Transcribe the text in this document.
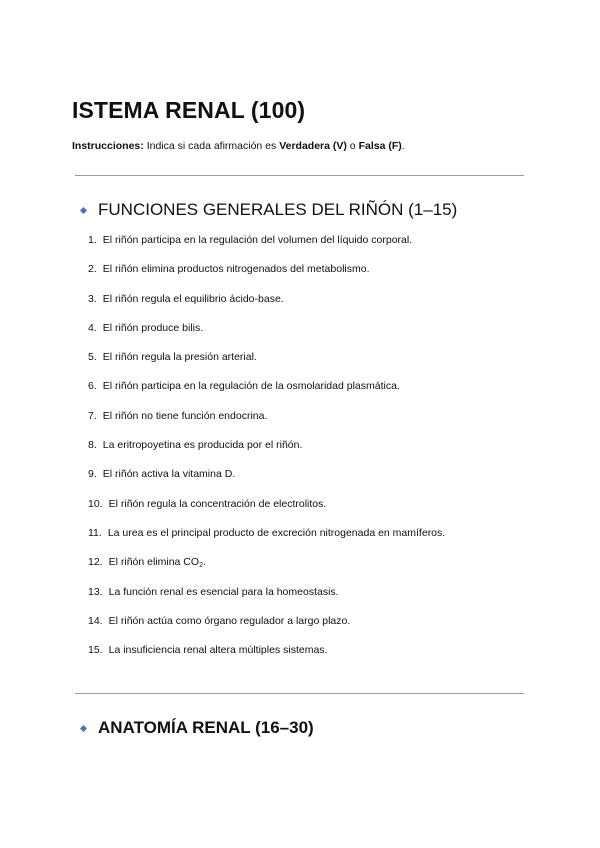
ISTEMA RENAL (100)

Instrucciones: Indica si cada afirmación es Verdadera (V) o Falsa (F).

FUNCIONES GENERALES DEL RIÑÓN (1–15)
1. El riñón participa en la regulación del volumen del líquido corporal.
2. El riñón elimina productos nitrogenados del metabolismo.
3. El riñón regula el equilibrio ácido-base.
4. El riñón produce bilis.
5. El riñón regula la presión arterial.
6. El riñón participa en la regulación de la osmolaridad plasmática.
7. El riñón no tiene función endocrina.
8. La eritropoyetina es producida por el riñón.
9. El riñón activa la vitamina D.
10. El riñón regula la concentración de electrolitos.
11. La urea es el principal producto de excreción nitrogenada en mamíferos.
12. El riñón elimina $CO_2$.
13. La función renal es esencial para la homeostasis.
14. El riñón actúa como órgano regulador a largo plazo.
15. La insuficiencia renal altera múltiples sistemas.
ANATOMÍA RENAL (16–30)
